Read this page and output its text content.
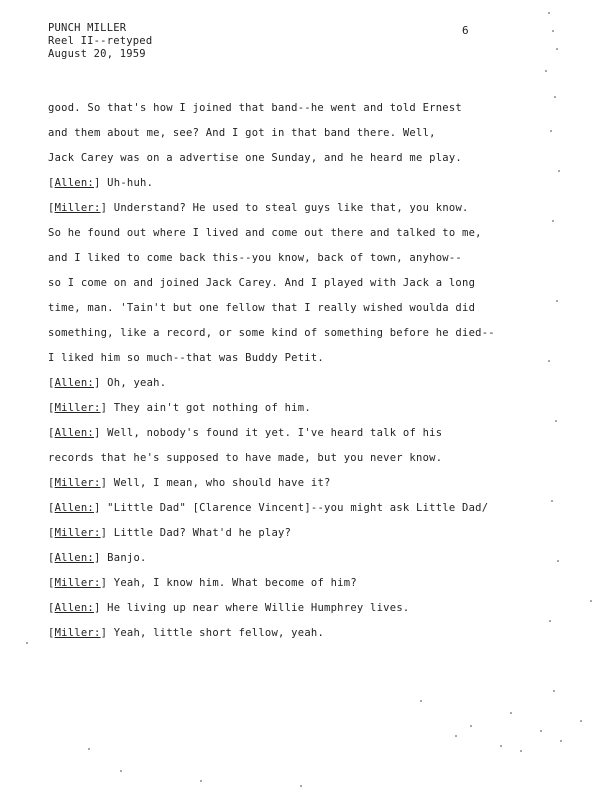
PUNCH MILLER
Reel II--retyped
August 20, 1959
6
good. So that's how I joined that band--he went and told Ernest
and them about me, see? And I got in that band there. Well,
Jack Carey was on a advertise one Sunday, and he heard me play.
[Allen:] Uh-huh.
[Miller:] Understand? He used to steal guys like that, you know.
So he found out where I lived and come out there and talked to me,
and I liked to come back this--you know, back of town, anyhow--
so I come on and joined Jack Carey. And I played with Jack a long
time, man. 'Tain't but one fellow that I really wished woulda did
something, like a record, or some kind of something before he died--
I liked him so much--that was Buddy Petit.
[Allen:] Oh, yeah.
[Miller:] They ain't got nothing of him.
[Allen:] Well, nobody's found it yet. I've heard talk of his
records that he's supposed to have made, but you never know.
[Miller:] Well, I mean, who should have it?
[Allen:] "Little Dad" [Clarence Vincent]--you might ask Little Dad/
[Miller:] Little Dad? What'd he play?
[Allen:] Banjo.
[Miller:] Yeah, I know him. What become of him?
[Allen:] He living up near where Willie Humphrey lives.
[Miller:] Yeah, little short fellow, yeah.
